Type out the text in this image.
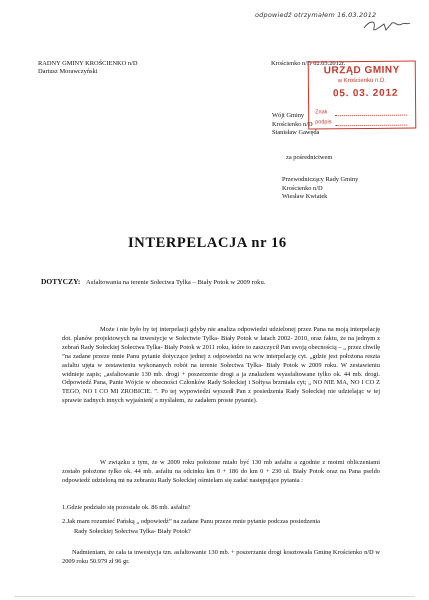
odpowiedź otrzymałem 16.03.2012
RADNY GMINY KROŚCIENKO n/D
Dariusz Morawczyński
Krościenko n/D 02.03.2012r.
URZĄD GMINY
w Krościenku n.D.
05. 03. 2012
Znak
podpis
Wójt Gminy
Krościenko n/D
Stanisław Gawęda
za pośrednictwem
Przewodniczący Rady Gminy
Krościenko n/D
Wiesław Kwiatek
INTERPELACJA nr 16
DOTYCZY: Asfaltowania na terenie Sołectwa Tylka – Biały Potok w 2009 roku.
Może i nie było by tej interpelacji gdyby nie analiza odpowiedzi udzielonej przez Pana na moją interpelację dot. planów projektowych na inwestycje w Sołectwie Tylka- Biały Potok w latach 2002- 2010, oraz faktu, że na jednym z zebrań Rady Sołeckiej Sołectwa Tylka- Biały Potok w 2011 roku, które to zaszczycił Pan swoją obecnością – „ przez chwilę ”na zadane przeze mnie Panu pytanie dotyczące jednej z odpowiedzi na w/w interpelację cyt. „gdzie jest położona reszta asfaltu ujęta w zestawieniu wykonanych robót na terenie Sołectwa Tylka- Biały Potok w 2009 roku. W zestawieniu widnieje zapis; „asfaltowanie 130 mb. drogi + poszerzenie drogi a ja znalazłem wyasfaltowane tylko ok. 44 mb. drogi. Odpowiedź Pana, Panie Wójcie w obecności Członków Rady Sołeckiej i Sołtysa brzmiała cyt; „ NO NIE MA, NO I CO Z TEGO, NO I CO MI ZROBICIE. ”. Po tej wypowiedzi wyszedł Pan z posiedzenia Rady Sołeckiej nie udzielając w tej sprawie żadnych innych wyjaśnień( a myślałem, że zadałem proste pytanie).
W związku z tym, że w 2009 roku położone miało być 130 mb asfaltu a zgodnie z moimi obliczeniami zostało położone tylko ok. 44 mb. asfaltu na odcinku km 0 + 186 do km 0 + 230 ul. Biały Potok oraz na Pana pseldo odpowiedź udzieloną mi na zebraniu Rady Sołeckiej ośmielam się zadać następujące pytania :
1.Gdzie podziało się pozostałe ok. 86 mb. asfaltu?
2.Jak mam rozumieć Pańską „ odpowiedź” na zadane Panu przeze mnie pytanie podczas posiedzenia
Rady Sołeckiej Sołectwa Tylka- Biały Potok?
Nadmieniam, że cała ta inwestycja tzn. asfaltowanie 130 mb. + poszerzanie drogi kosztowała Gminę Krościenko n/D w 2009 roku 50.979 zł 96 gr.
